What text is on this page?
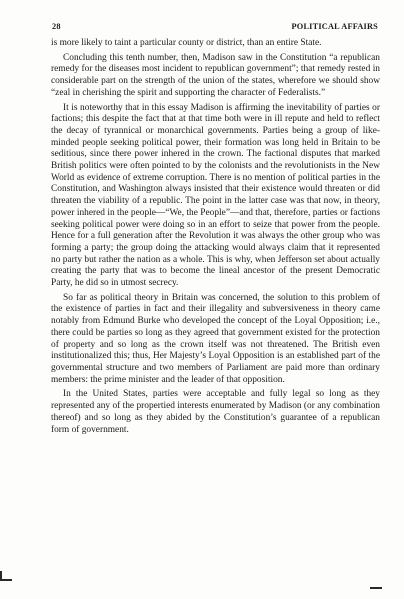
28	POLITICAL AFFAIRS

is more likely to taint a particular county or district, than an entire State.

Concluding this tenth number, then, Madison saw in the Constitution “a republican remedy for the diseases most incident to republican government”; that remedy rested in considerable part on the strength of the union of the states, wherefore we should show “zeal in cherishing the spirit and supporting the character of Federalists.”

It is noteworthy that in this essay Madison is affirming the inevitability of parties or factions; this despite the fact that at that time both were in ill repute and held to reflect the decay of tyrannical or monarchical governments. Parties being a group of like-minded people seeking political power, their formation was long held in Britain to be seditious, since there power inhered in the crown. The factional disputes that marked British politics were often pointed to by the colonists and the revolutionists in the New World as evidence of extreme corruption. There is no mention of political parties in the Constitution, and Washington always insisted that their existence would threaten or did threaten the viability of a republic. The point in the latter case was that now, in theory, power inhered in the people—“We, the People”—and that, therefore, parties or factions seeking political power were doing so in an effort to seize that power from the people. Hence for a full generation after the Revolution it was always the other group who was forming a party; the group doing the attacking would always claim that it represented no party but rather the nation as a whole. This is why, when Jefferson set about actually creating the party that was to become the lineal ancestor of the present Democratic Party, he did so in utmost secrecy.

So far as political theory in Britain was concerned, the solution to this problem of the existence of parties in fact and their illegality and subversiveness in theory came notably from Edmund Burke who developed the concept of the Loyal Opposition; i.e., there could be parties so long as they agreed that government existed for the protection of property and so long as the crown itself was not threatened. The British even institutionalized this; thus, Her Majesty’s Loyal Opposition is an established part of the governmental structure and two members of Parliament are paid more than ordinary members: the prime minister and the leader of that opposition.

In the United States, parties were acceptable and fully legal so long as they represented any of the propertied interests enumerated by Madison (or any combination thereof) and so long as they abided by the Constitution’s guarantee of a republican form of government.
